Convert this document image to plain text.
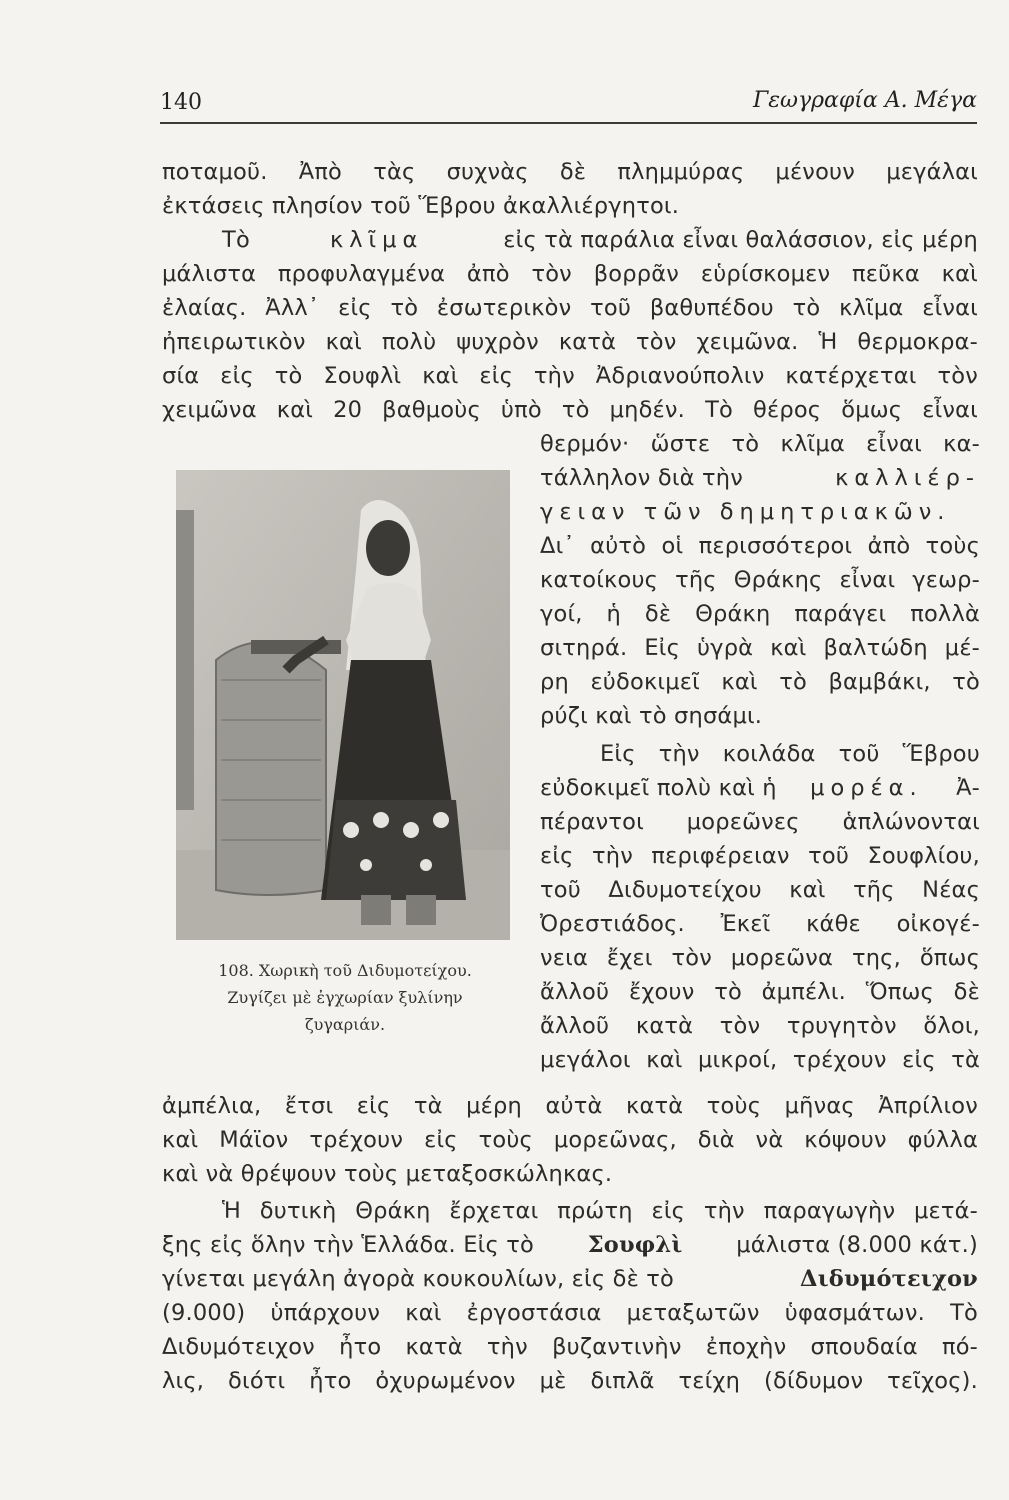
140	Γεωγραφία Α. Μέγα
ποταμοῦ. Ἀπὸ τὰς συχνὰς δὲ πλημμύρας μένουν μεγάλαι
ἐκτάσεις πλησίον τοῦ Ἕβρου ἀκαλλιέργητοι.
Τὸ	κλῖμα	εἰς τὰ παράλια εἶναι θαλάσσιον, εἰς μέρη
μάλιστα προφυλαγμένα ἀπὸ τὸν βορρᾶν εὑρίσκομεν πεῦκα καὶ
ἐλαίας. Ἀλλ᾿ εἰς τὸ ἐσωτερικὸν τοῦ βαθυπέδου τὸ κλῖμα εἶναι
ἠπειρωτικὸν καὶ πολὺ ψυχρὸν κατὰ τὸν χειμῶνα. Ἡ θερμοκρα-
σία εἰς τὸ Σουφλὶ καὶ εἰς τὴν Ἀδριανούπολιν κατέρχεται τὸν
χειμῶνα καὶ 20 βαθμοὺς ὑπὸ τὸ μηδέν. Τὸ θέρος ὅμως εἶναι
θερμόν· ὥστε τὸ κλῖμα εἶναι κα-
τάλληλον διὰ τὴν	καλλιέρ-
γειαν τῶν δημητριακῶν.
Δι᾿ αὐτὸ οἱ περισσότεροι ἀπὸ τοὺς
κατοίκους τῆς Θράκης εἶναι γεωρ-
γοί, ἡ δὲ Θράκη παράγει πολλὰ
σιτηρά. Εἰς ὑγρὰ καὶ βαλτώδη μέ-
ρη εὐδοκιμεῖ καὶ τὸ βαμβάκι, τὸ
ρύζι καὶ τὸ σησάμι.
Εἰς τὴν κοιλάδα τοῦ Ἕβρου
εὐδοκιμεῖ πολὺ καὶ ἡ μορέα. Ἀ-
πέραντοι μορεῶνες ἁπλώνονται
εἰς τὴν περιφέρειαν τοῦ Σουφλίου,
τοῦ Διδυμοτείχου καὶ τῆς Νέας
Ὀρεστιάδος. Ἐκεῖ κάθε οἰκογέ-
νεια ἔχει τὸν μορεῶνα της, ὅπως
ἄλλοῦ ἔχουν τὸ ἀμπέλι. Ὅπως δὲ
ἄλλοῦ κατὰ τὸν τρυγητὸν ὅλοι,
μεγάλοι καὶ μικροί, τρέχουν εἰς τὰ
108. Χωρικὴ τοῦ Διδυμοτείχου.
Ζυγίζει μὲ ἐγχωρίαν ξυλίνην
ζυγαριάν.
ἀμπέλια, ἔτσι εἰς τὰ μέρη αὐτὰ κατὰ τοὺς μῆνας Ἀπρίλιον
καὶ Μάϊον τρέχουν εἰς τοὺς μορεῶνας, διὰ νὰ κόψουν φύλλα
καὶ νὰ θρέψουν τοὺς μεταξοσκώληκας.
Ἡ δυτικὴ Θράκη ἔρχεται πρώτη εἰς τὴν παραγωγὴν μετά-
ξης εἰς ὅλην τὴν Ἑλλάδα. Εἰς τὸ Σουφλὶ μάλιστα (8.000 κάτ.)
γίνεται μεγάλη ἀγορὰ κουκουλίων, εἰς δὲ τὸ	Διδυμότειχον
(9.000) ὑπάρχουν καὶ ἐργοστάσια μεταξωτῶν ὑφασμάτων. Τὸ
Διδυμότειχον ἦτο κατὰ τὴν βυζαντινὴν ἐποχὴν σπουδαία πό-
λις, διότι ἦτο ὀχυρωμένον μὲ διπλᾶ τείχη (δίδυμον τεῖχος).
